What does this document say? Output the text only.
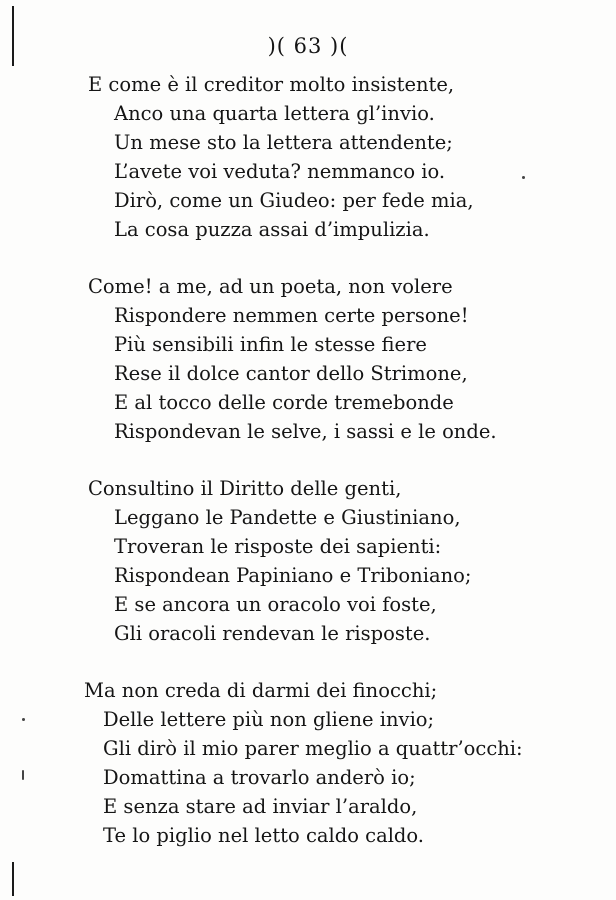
)( 63 )(
E come è il creditor molto insistente,
Anco una quarta lettera gl’invio.
Un mese sto la lettera attendente;
L’avete voi veduta? nemmanco io.
Dirò, come un Giudeo: per fede mia,
La cosa puzza assai d’impulizia.
Come! a me, ad un poeta, non volere
Rispondere nemmen certe persone!
Più sensibili infin le stesse fiere
Rese il dolce cantor dello Strimone,
E al tocco delle corde tremebonde
Rispondevan le selve, i sassi e le onde.
Consultino il Diritto delle genti,
Leggano le Pandette e Giustiniano,
Troveran le risposte dei sapienti:
Rispondean Papiniano e Triboniano;
E se ancora un oracolo voi foste,
Gli oracoli rendevan le risposte.
Ma non creda di darmi dei finocchi;
Delle lettere più non gliene invio;
Gli dirò il mio parer meglio a quattr’occhi:
Domattina a trovarlo anderò io;
E senza stare ad inviar l’araldo,
Te lo piglio nel letto caldo caldo.
